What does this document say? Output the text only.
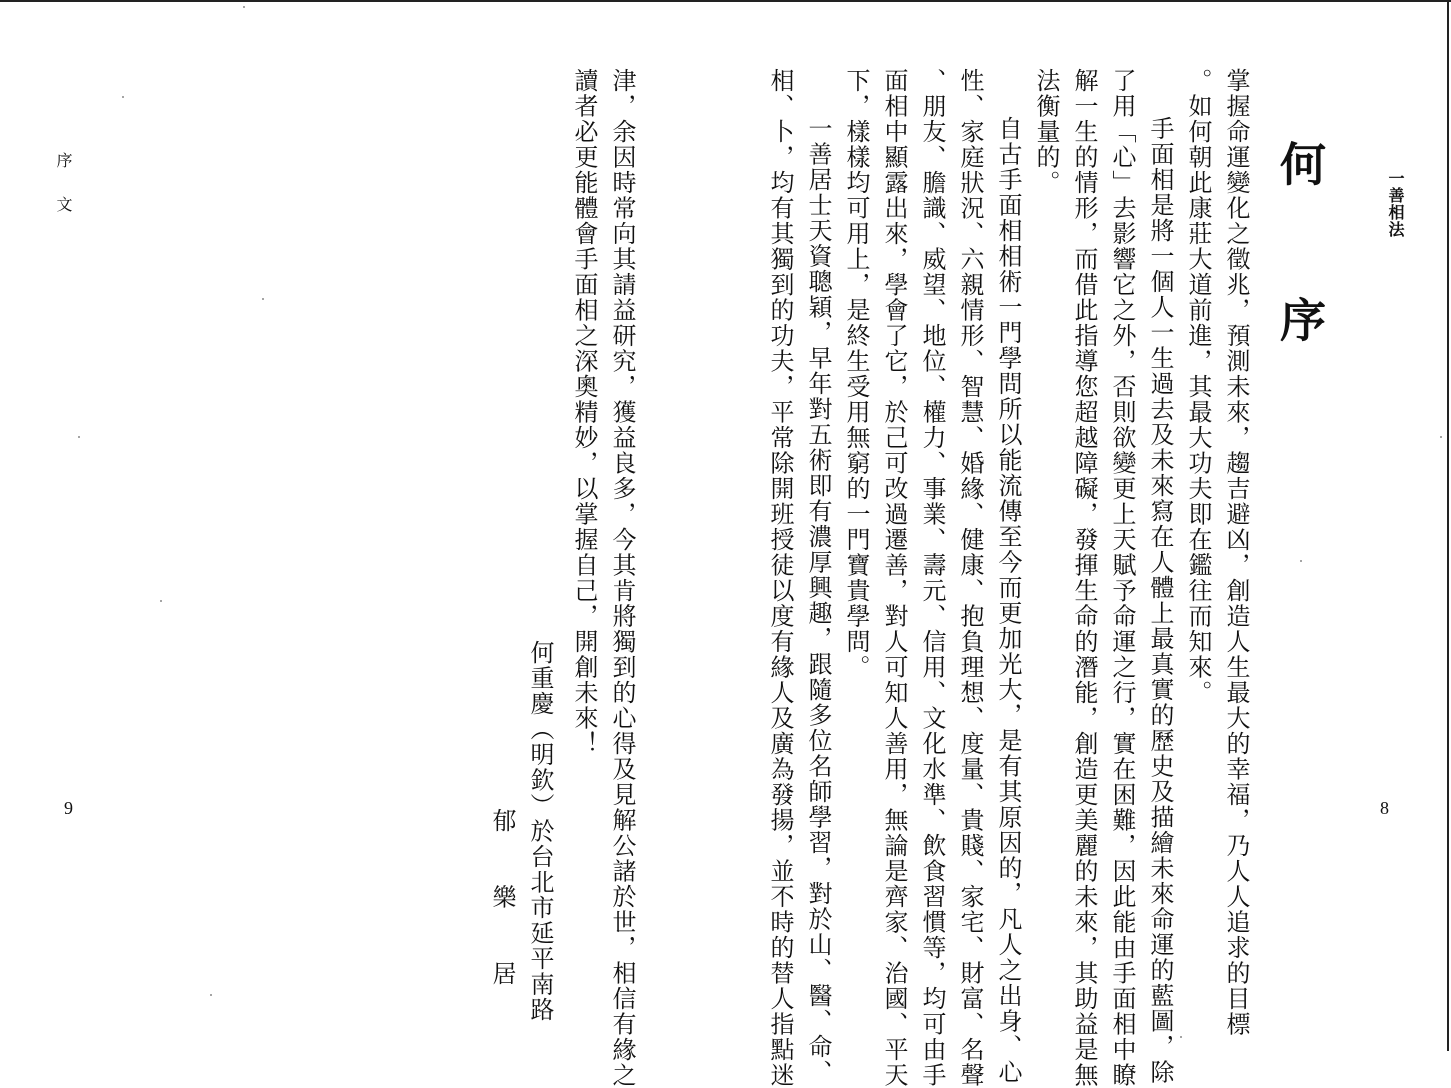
一善相法
序文	何序
8
9	掌握命運變化之徵兆，預測未來，趨吉避凶，創造人生最大的幸福，乃人人追求的目標

。如何朝此康莊大道前進，其最大功夫即在鑑往而知來。

手面相是將一個人一生過去及未來寫在人體上最真實的歷史及描繪未來命運的藍圖，除

了用「心」去影響它之外，否則欲變更上天賦予命運之行，實在困難，因此能由手面相中瞭

解一生的情形，而借此指導您超越障礙，發揮生命的潛能，創造更美麗的未來，其助益是無

法衡量的。

自古手面相相術一門學問所以能流傳至今而更加光大，是有其原因的，凡人之出身、心

性、家庭狀況、六親情形、智慧、婚緣、健康、抱負理想、度量、貴賤、家宅、財富、名聲

、朋友、膽識、威望、地位、權力、事業、壽元、信用、文化水準、飲食習慣等，均可由手

面相中顯露出來，學會了它，於己可改過遷善，對人可知人善用，無論是齊家、治國、平天

下，樣樣均可用上，是終生受用無窮的一門寶貴學問。

一善居士天資聰穎，早年對五術即有濃厚興趣，跟隨多位名師學習，對於山、醫、命、

相、卜，均有其獨到的功夫，平常除開班授徒以度有緣人及廣為發揚，並不時的替人指點迷

津，余因時常向其請益研究，獲益良多，今其肯將獨到的心得及見解公諸於世，相信有緣之

讀者必更能體會手面相之深奧精妙，以掌握自己，開創未來！

何重慶（明欽）於台北市延平南路

郁　　樂　　居
